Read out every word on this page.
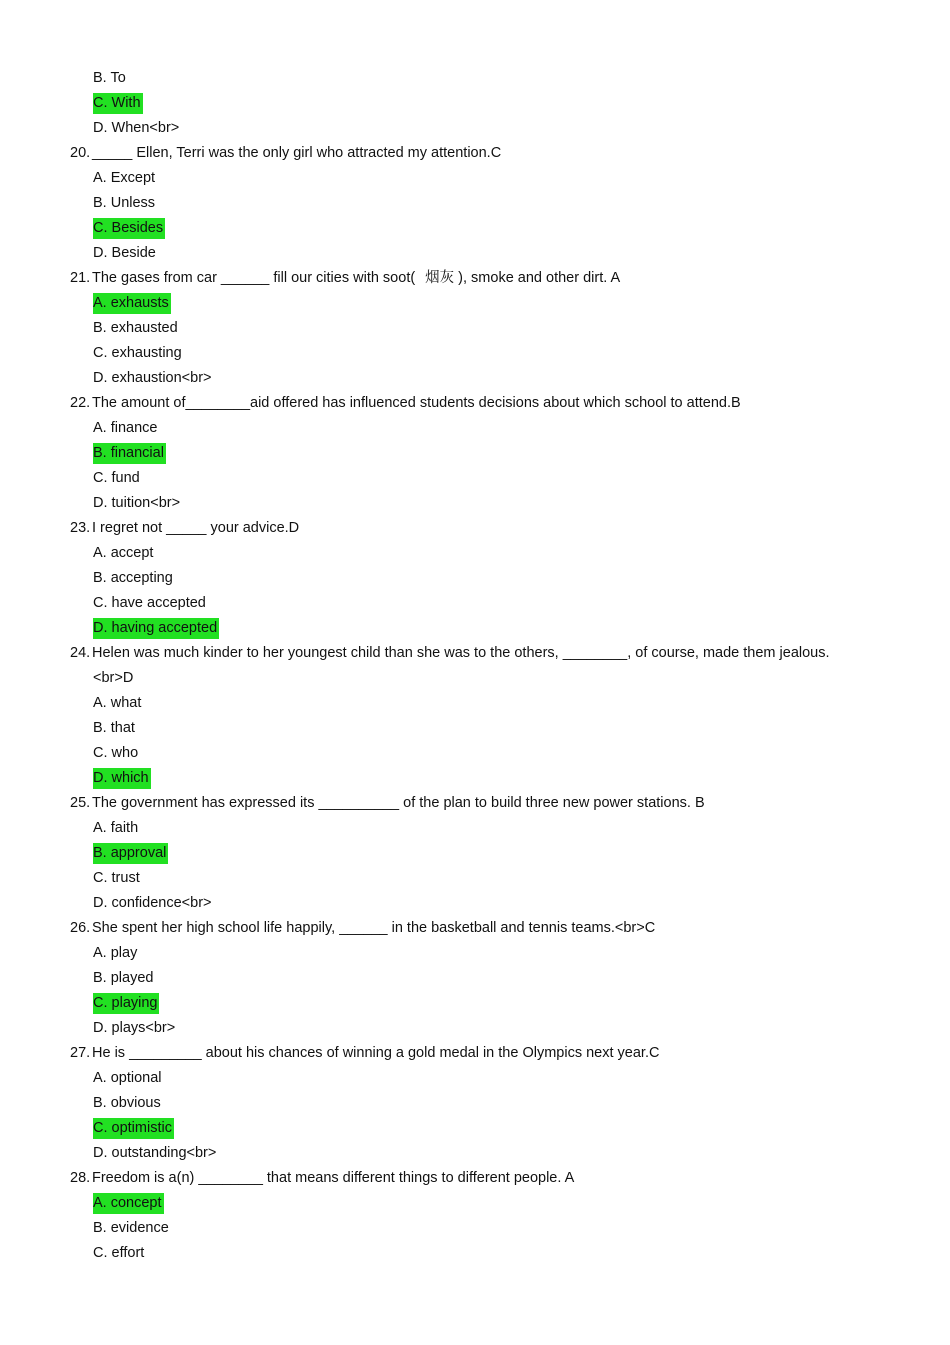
B. To
C. With
D. When<br>
20. _____ Ellen, Terri was the only girl who attracted my attention.C
A. Except
B. Unless
C. Besides
D. Beside
21. The gases from car ______ fill our cities with soot( 烟灰 ), smoke and other dirt. A
A. exhausts
B. exhausted
C. exhausting
D. exhaustion<br>
22. The amount of________aid offered has influenced students decisions about which school to attend.B
A. finance
B. financial
C. fund
D. tuition<br>
23. I regret not _____ your advice.D
A. accept
B. accepting
C. have accepted
D. having accepted
24. Helen was much kinder to her youngest child than she was to the others, ________, of course, made them jealous.
<br>D
A. what
B. that
C. who
D. which
25. The government has expressed its __________ of the plan to build three new power stations. B
A. faith
B. approval
C. trust
D. confidence<br>
26. She spent her high school life happily, ______ in the basketball and tennis teams.<br>C
A. play
B. played
C. playing
D. plays<br>
27. He is _________ about his chances of winning a gold medal in the Olympics next year.C
A. optional
B. obvious
C. optimistic
D. outstanding<br>
28. Freedom is a(n) ________ that means different things to different people. A
A. concept
B. evidence
C. effort
